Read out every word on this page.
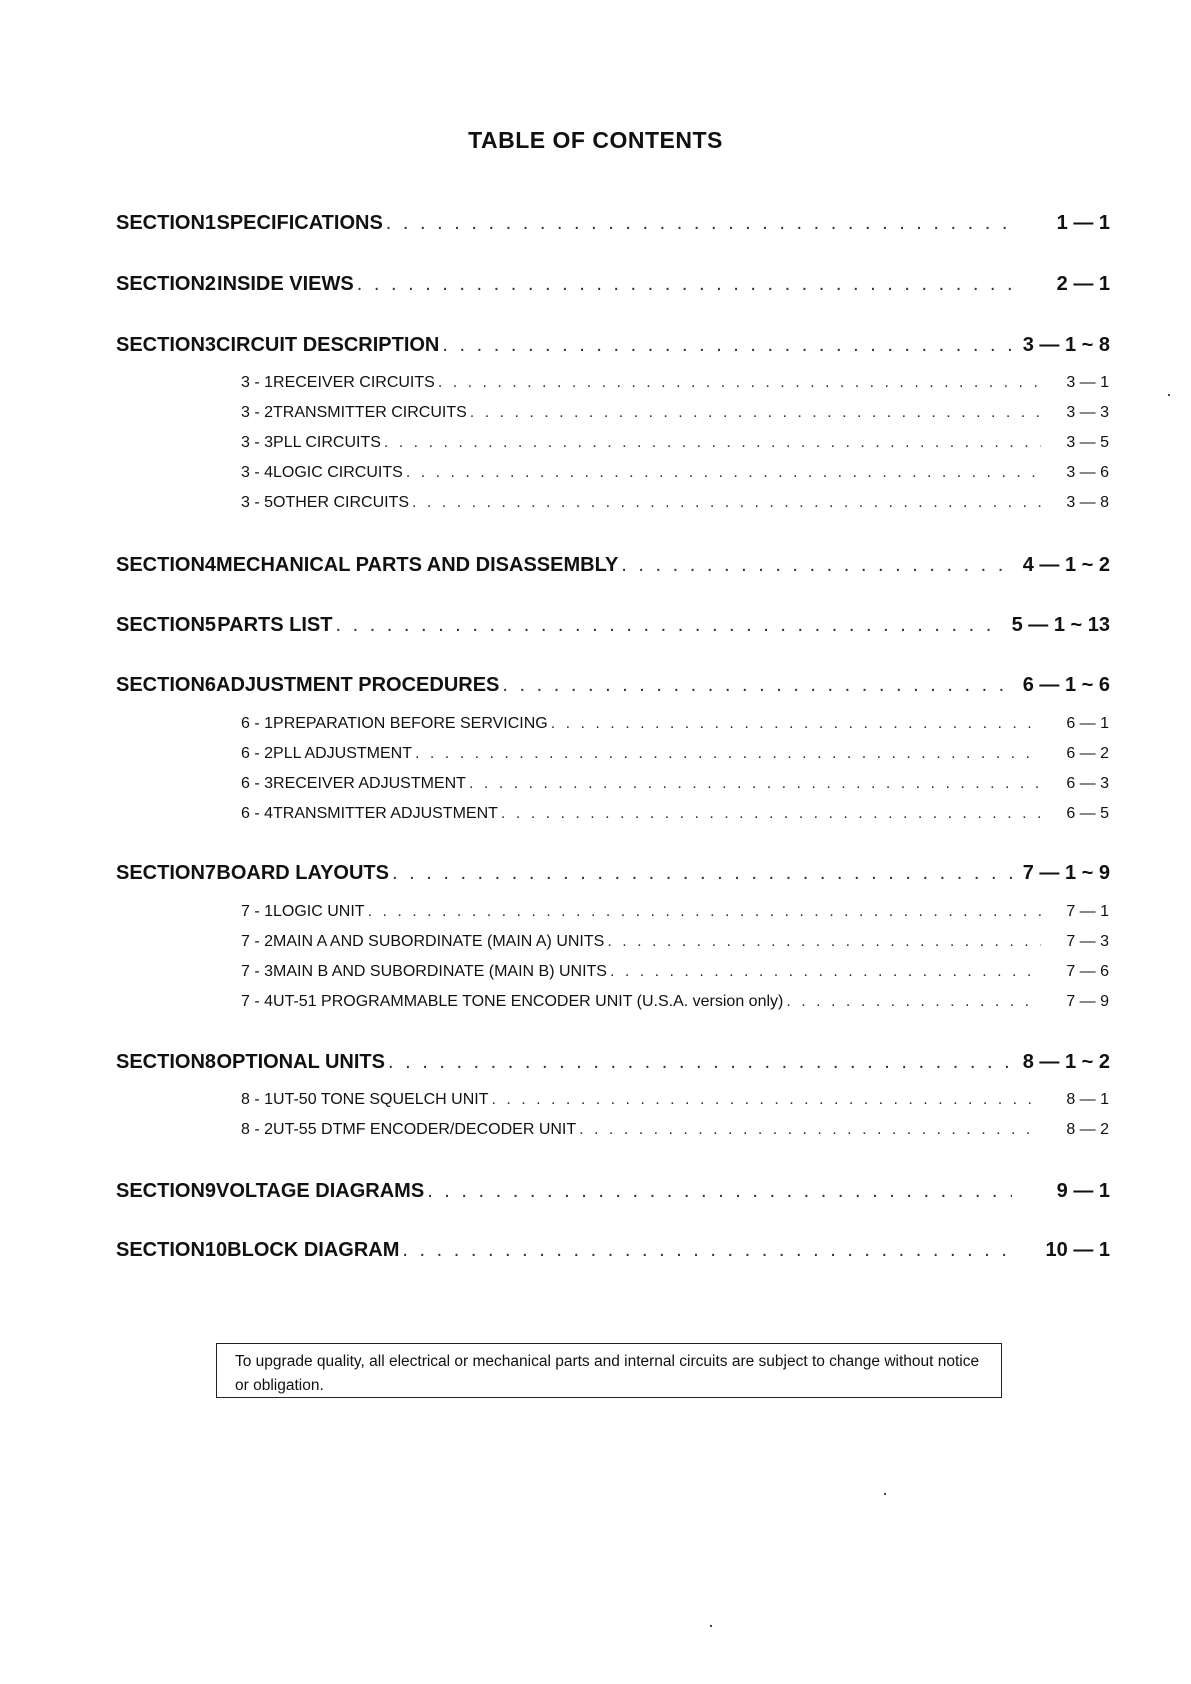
TABLE OF CONTENTS
SECTION 1 SPECIFICATIONS . . .	1 — 1
SECTION 2 INSIDE VIEWS . . .	2 — 1
SECTION 3 CIRCUIT DESCRIPTION . . .	3 — 1 ~ 8
3 - 1 RECEIVER CIRCUITS . . .	3 — 1
3 - 2 TRANSMITTER CIRCUITS . . .	3 — 3
3 - 3 PLL CIRCUITS . . .	3 — 5
3 - 4 LOGIC CIRCUITS . . .	3 — 6
3 - 5 OTHER CIRCUITS . . .	3 — 8
SECTION 4 MECHANICAL PARTS AND DISASSEMBLY . . .	4 — 1 ~ 2
SECTION 5 PARTS LIST . . .	5 — 1 ~ 13
SECTION 6 ADJUSTMENT PROCEDURES . . .	6 — 1 ~ 6
6 - 1 PREPARATION BEFORE SERVICING . . .	6 — 1
6 - 2 PLL ADJUSTMENT . . .	6 — 2
6 - 3 RECEIVER ADJUSTMENT . . .	6 — 3
6 - 4 TRANSMITTER ADJUSTMENT . . .	6 — 5
SECTION 7 BOARD LAYOUTS . . .	7 — 1 ~ 9
7 - 1 LOGIC UNIT . . .	7 — 1
7 - 2 MAIN A AND SUBORDINATE (MAIN A) UNITS . . .	7 — 3
7 - 3 MAIN B AND SUBORDINATE (MAIN B) UNITS . . .	7 — 6
7 - 4 UT-51 PROGRAMMABLE TONE ENCODER UNIT (U.S.A. version only) . . .	7 — 9
SECTION 8 OPTIONAL UNITS . . .	8 — 1 ~ 2
8 - 1 UT-50 TONE SQUELCH UNIT . . .	8 — 1
8 - 2 UT-55 DTMF ENCODER/DECODER UNIT . . .	8 — 2
SECTION 9 VOLTAGE DIAGRAMS . . .	9 — 1
SECTION 10 BLOCK DIAGRAM . . .	10 — 1
To upgrade quality, all electrical or mechanical parts and internal circuits are subject to change without notice or obligation.
